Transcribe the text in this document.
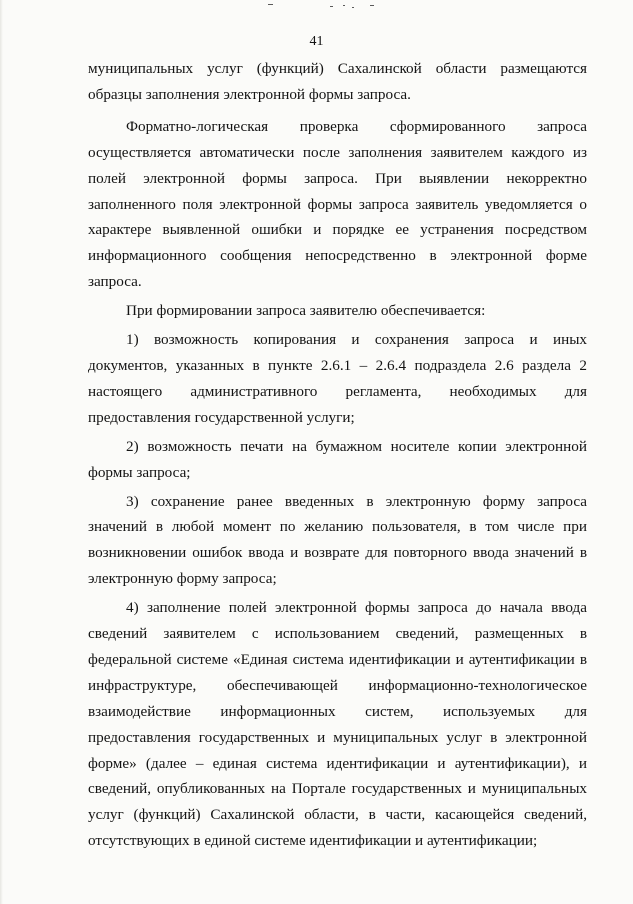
41

муниципальных услуг (функций) Сахалинской области размещаются образцы заполнения электронной формы запроса.

Форматно-логическая проверка сформированного запроса осуществляется автоматически после заполнения заявителем каждого из полей электронной формы запроса. При выявлении некорректно заполненного поля электронной формы запроса заявитель уведомляется о характере выявленной ошибки и порядке ее устранения посредством информационного сообщения непосредственно в электронной форме запроса.

При формировании запроса заявителю обеспечивается:

1) возможность копирования и сохранения запроса и иных документов, указанных в пункте 2.6.1 – 2.6.4 подраздела 2.6 раздела 2 настоящего административного регламента, необходимых для предоставления государственной услуги;

2) возможность печати на бумажном носителе копии электронной формы запроса;

3) сохранение ранее введенных в электронную форму запроса значений в любой момент по желанию пользователя, в том числе при возникновении ошибок ввода и возврате для повторного ввода значений в электронную форму запроса;

4) заполнение полей электронной формы запроса до начала ввода сведений заявителем с использованием сведений, размещенных в федеральной системе «Единая система идентификации и аутентификации в инфраструктуре, обеспечивающей информационно-технологическое взаимодействие информационных систем, используемых для предоставления государственных и муниципальных услуг в электронной форме» (далее – единая система идентификации и аутентификации), и сведений, опубликованных на Портале государственных и муниципальных услуг (функций) Сахалинской области, в части, касающейся сведений, отсутствующих в единой системе идентификации и аутентификации;
